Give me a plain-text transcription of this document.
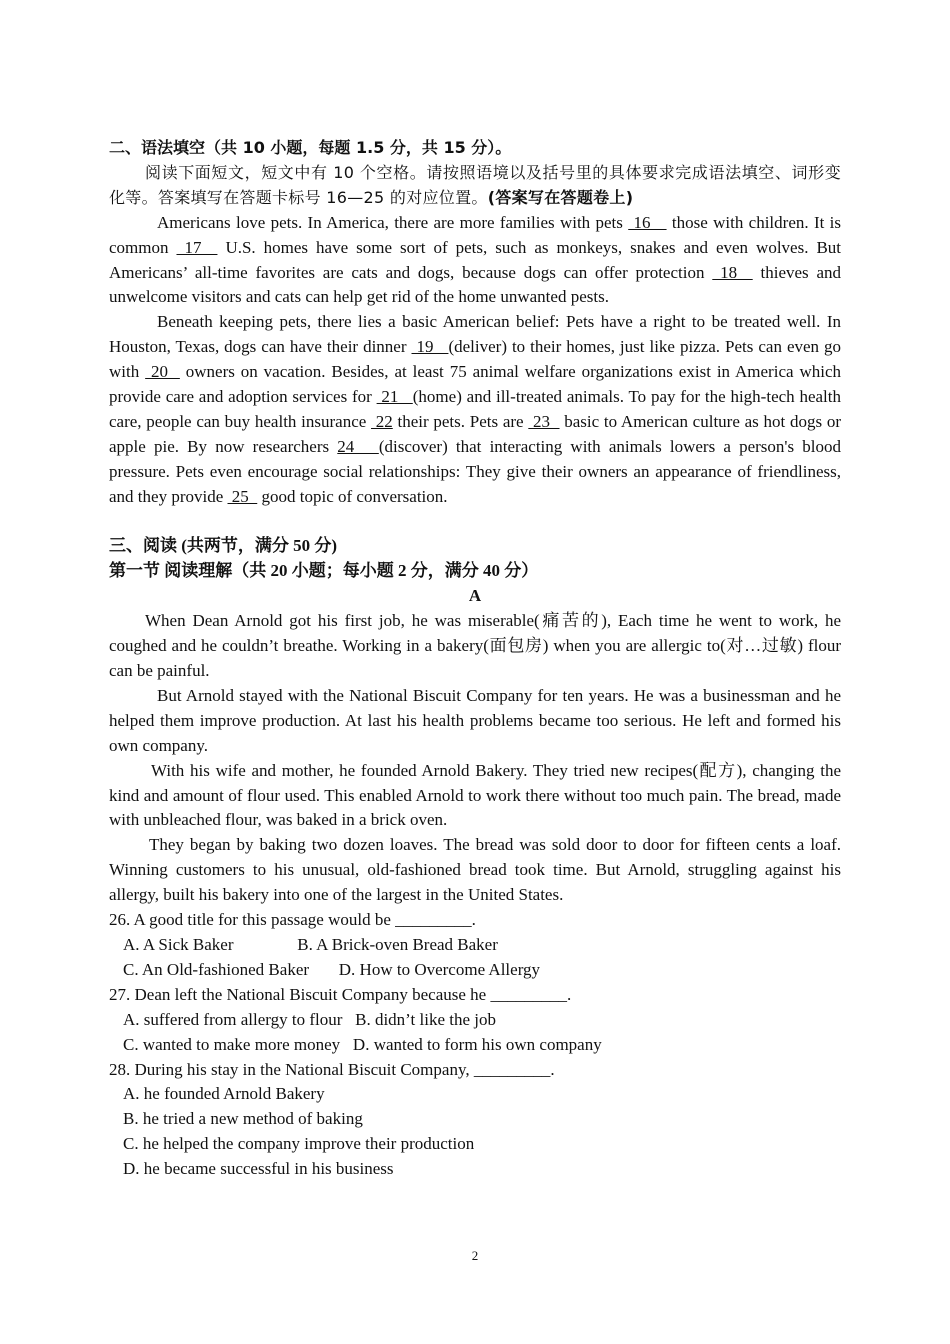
二、语法填空（共 10 小题，每题 1.5 分，共 15 分）。

阅读下面短文，短文中有 10 个空格。请按照语境以及括号里的具体要求完成语法填空、词形变化等。答案填写在答题卡标号 16—25 的对应位置。(答案写在答题卷上)

Americans love pets. In America, there are more families with pets  16    those with children. It is common  17   U.S. homes have some sort of pets, such as monkeys, snakes and even wolves. But Americans’ all-time favorites are cats and dogs, because dogs can offer protection  18   thieves and unwelcome visitors and cats can help get rid of the home unwanted pests.

Beneath keeping pets, there lies a basic American belief: Pets have a right to be treated well. In Houston, Texas, dogs can have their dinner  19   (deliver) to their homes, just like pizza. Pets can even go with  20   owners on vacation. Besides, at least 75 animal welfare organizations exist in America which provide care and adoption services for  21   (home) and ill-treated animals. To pay for the high-tech health care, people can buy health insurance  22 their pets. Pets are  23   basic to American culture as hot dogs or apple pie. By now researchers 24   (discover) that interacting with animals lowers a person's blood pressure. Pets even encourage social relationships: They give their owners an appearance of friendliness, and they provide  25   good topic of conversation.

三、阅读 (共两节，满分 50 分)

第一节 阅读理解（共 20 小题；每小题 2 分，满分 40 分）

A

When Dean Arnold got his first job, he was miserable(痛苦的), Each time he went to work, he coughed and he couldn’t breathe. Working in a bakery(面包房) when you are allergic to(对…过敏) flour can be painful.

But Arnold stayed with the National Biscuit Company for ten years. He was a businessman and he helped them improve production. At last his health problems became too serious. He left and formed his own company.

With his wife and mother, he founded Arnold Bakery. They tried new recipes(配方), changing the kind and amount of flour used. This enabled Arnold to work there without too much pain. The bread, made with unbleached flour, was baked in a brick oven.

They began by baking two dozen loaves. The bread was sold door to door for fifteen cents a loaf. Winning customers to his unusual, old-fashioned bread took time. But Arnold, struggling against his allergy, built his bakery into one of the largest in the United States.

26. A good title for this passage would be _________.

A. A Sick Baker               B. A Brick-oven Bread Baker

C. An Old-fashioned Baker       D. How to Overcome Allergy

27. Dean left the National Biscuit Company because he _________.

A. suffered from allergy to flour   B. didn’t like the job

C. wanted to make more money   D. wanted to form his own company

28. During his stay in the National Biscuit Company, _________.

A. he founded Arnold Bakery

B. he tried a new method of baking

C. he helped the company improve their production

D. he became successful in his business

2
